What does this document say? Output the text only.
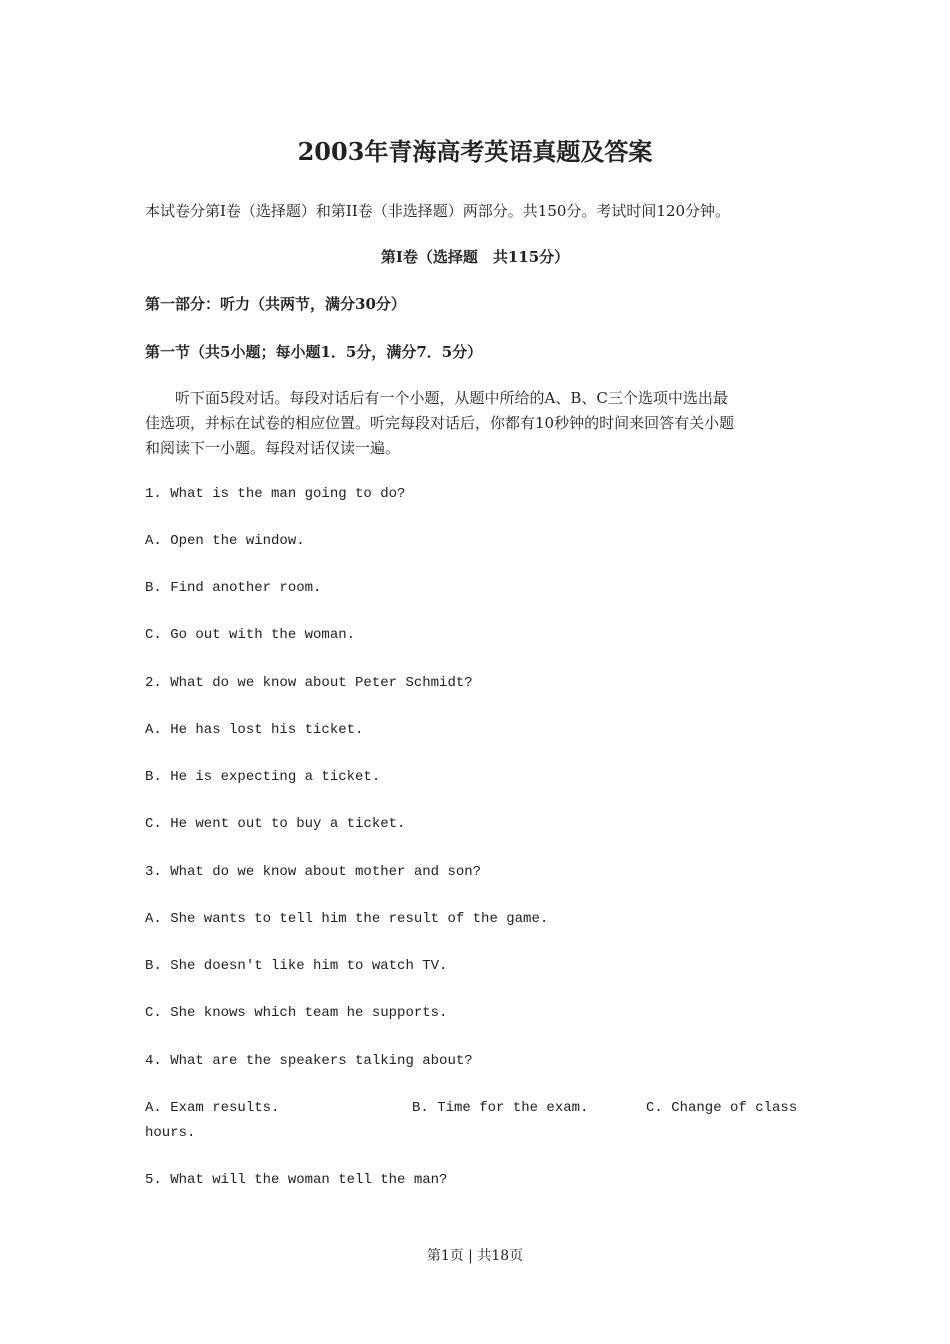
2003年青海高考英语真题及答案
本试卷分第Ⅰ卷（选择题）和第II卷（非选择题）两部分。共150分。考试时间120分钟。
第Ⅰ卷（选择题　共115分）
第一部分：听力（共两节，满分30分）
第一节（共5小题；每小题1．5分，满分7．5分）
　　听下面5段对话。每段对话后有一个小题，从题中所给的A、B、C三个选项中选出最
佳选项，并标在试卷的相应位置。听完每段对话后，你都有10秒钟的时间来回答有关小题
和阅读下一小题。每段对话仅读一遍。
1. What is the man going to do?
A. Open the window.
B. Find another room.
C. Go out with the woman.
2. What do we know about Peter Schmidt?
A. He has lost his ticket.
B. He is expecting a ticket.
C. He went out to buy a ticket.
3. What do we know about mother and son?
A. She wants to tell him the result of the game.
B. She doesn't like him to watch TV.
C. She knows which team he supports.
4. What are the speakers talking about?
A. Exam results.	B. Time for the exam.	C. Change of class
hours.
5. What will the woman tell the man?
第1页 | 共18页
